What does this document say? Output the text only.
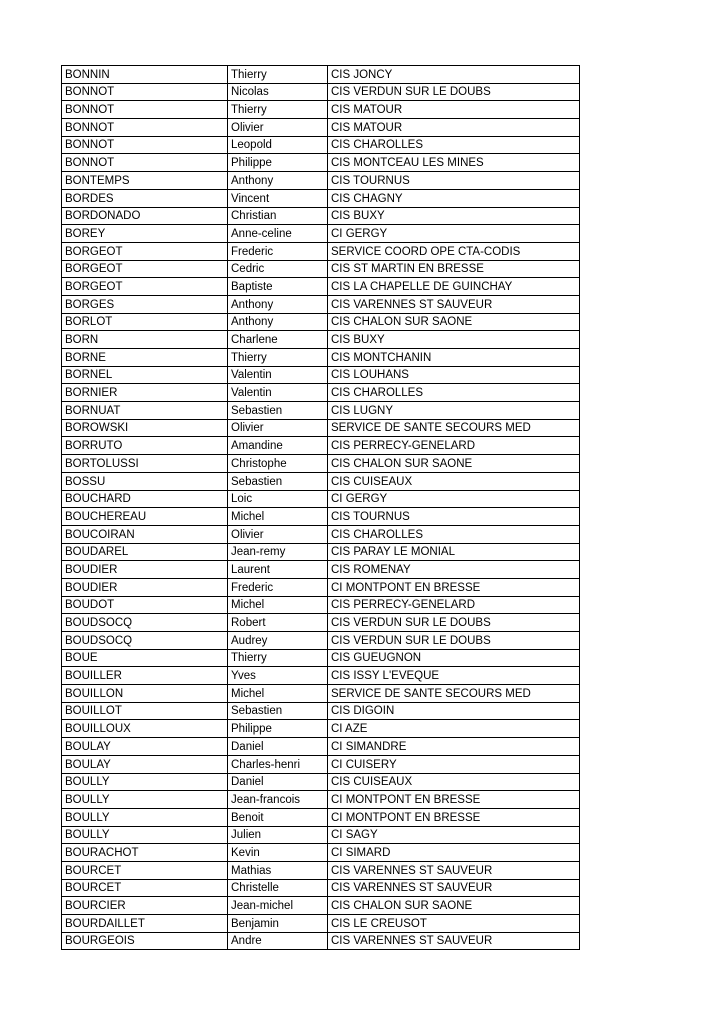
BONNIN	Thierry	CIS JONCY
BONNOT	Nicolas	CIS VERDUN SUR LE DOUBS
BONNOT	Thierry	CIS MATOUR
BONNOT	Olivier	CIS MATOUR
BONNOT	Leopold	CIS CHAROLLES
BONNOT	Philippe	CIS MONTCEAU LES MINES
BONTEMPS	Anthony	CIS TOURNUS
BORDES	Vincent	CIS CHAGNY
BORDONADO	Christian	CIS BUXY
BOREY	Anne-celine	CI GERGY
BORGEOT	Frederic	SERVICE COORD OPE CTA-CODIS
BORGEOT	Cedric	CIS ST MARTIN EN BRESSE
BORGEOT	Baptiste	CIS LA CHAPELLE DE GUINCHAY
BORGES	Anthony	CIS VARENNES ST SAUVEUR
BORLOT	Anthony	CIS CHALON SUR SAONE
BORN	Charlene	CIS BUXY
BORNE	Thierry	CIS MONTCHANIN
BORNEL	Valentin	CIS LOUHANS
BORNIER	Valentin	CIS CHAROLLES
BORNUAT	Sebastien	CIS LUGNY
BOROWSKI	Olivier	SERVICE DE SANTE SECOURS MED
BORRUTO	Amandine	CIS PERRECY-GENELARD
BORTOLUSSI	Christophe	CIS CHALON SUR SAONE
BOSSU	Sebastien	CIS CUISEAUX
BOUCHARD	Loic	CI GERGY
BOUCHEREAU	Michel	CIS TOURNUS
BOUCOIRAN	Olivier	CIS CHAROLLES
BOUDAREL	Jean-remy	CIS PARAY LE MONIAL
BOUDIER	Laurent	CIS ROMENAY
BOUDIER	Frederic	CI MONTPONT EN BRESSE
BOUDOT	Michel	CIS PERRECY-GENELARD
BOUDSOCQ	Robert	CIS VERDUN SUR LE DOUBS
BOUDSOCQ	Audrey	CIS VERDUN SUR LE DOUBS
BOUE	Thierry	CIS GUEUGNON
BOUILLER	Yves	CIS ISSY L'EVEQUE
BOUILLON	Michel	SERVICE DE SANTE SECOURS MED
BOUILLOT	Sebastien	CIS DIGOIN
BOUILLOUX	Philippe	CI AZE
BOULAY	Daniel	CI SIMANDRE
BOULAY	Charles-henri	CI CUISERY
BOULLY	Daniel	CIS CUISEAUX
BOULLY	Jean-francois	CI MONTPONT EN BRESSE
BOULLY	Benoit	CI MONTPONT EN BRESSE
BOULLY	Julien	CI SAGY
BOURACHOT	Kevin	CI SIMARD
BOURCET	Mathias	CIS VARENNES ST SAUVEUR
BOURCET	Christelle	CIS VARENNES ST SAUVEUR
BOURCIER	Jean-michel	CIS CHALON SUR SAONE
BOURDAILLET	Benjamin	CIS LE CREUSOT
BOURGEOIS	Andre	CIS VARENNES ST SAUVEUR
